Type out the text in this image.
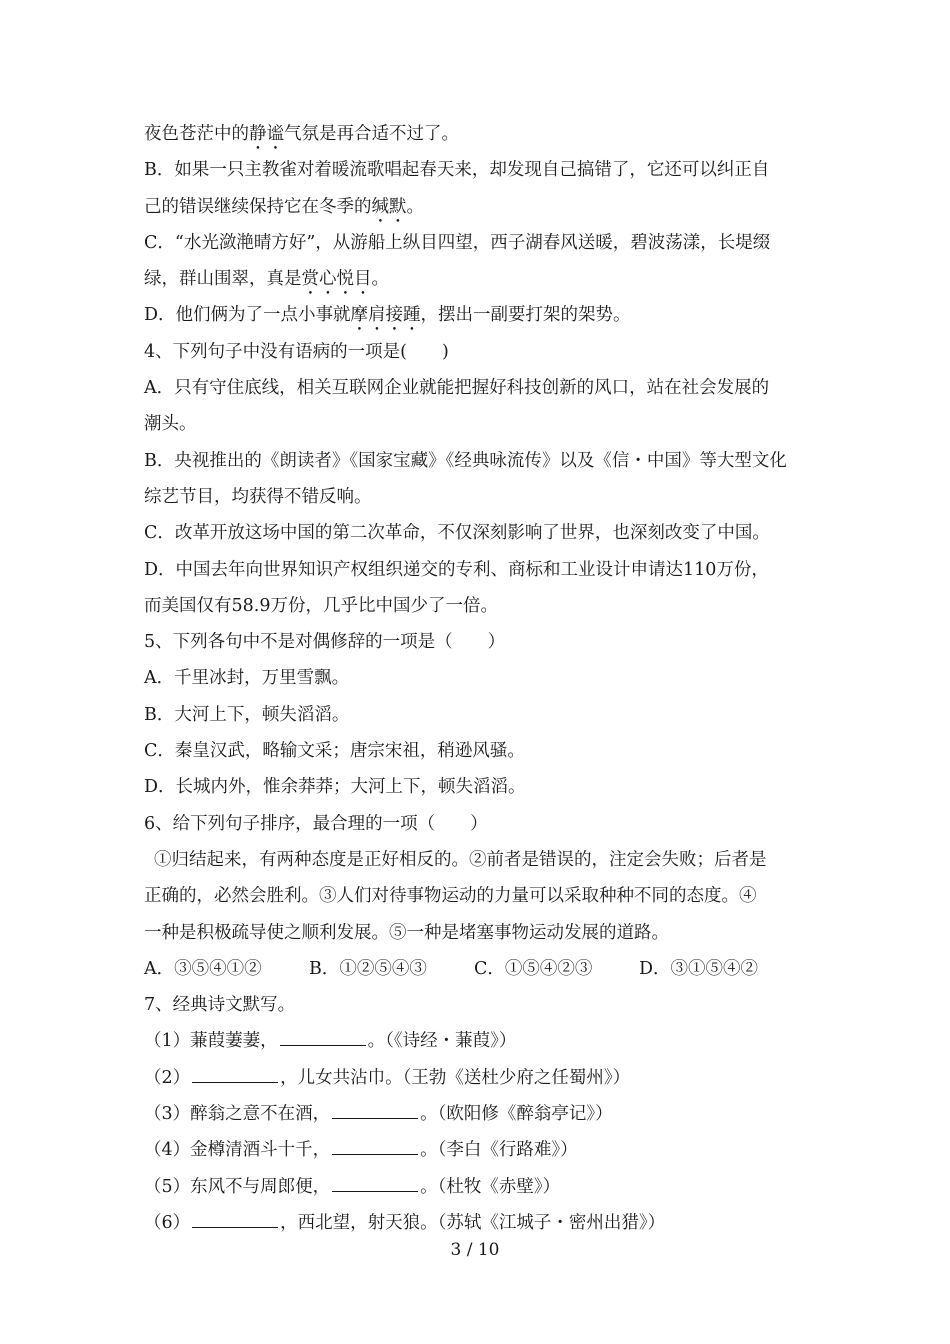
夜色苍茫中的静谧气氛是再合适不过了。
B．如果一只主教雀对着暖流歌唱起春天来，却发现自己搞错了，它还可以纠正自
己的错误继续保持它在冬季的缄默。
C．“水光潋滟晴方好”，从游船上纵目四望，西子湖春风送暖，碧波荡漾，长堤缀
绿，群山围翠，真是赏心悦目。
D．他们俩为了一点小事就摩肩接踵，摆出一副要打架的架势。
4、下列句子中没有语病的一项是(　　)
A．只有守住底线，相关互联网企业就能把握好科技创新的风口，站在社会发展的
潮头。
B．央视推出的《朗读者》《国家宝藏》《经典咏流传》以及《信・中国》等大型文化
综艺节目，均获得不错反响。
C．改革开放这场中国的第二次革命，不仅深刻影响了世界，也深刻改变了中国。
D．中国去年向世界知识产权组织递交的专利、商标和工业设计申请达110万份，
而美国仅有58.9万份，几乎比中国少了一倍。
5、下列各句中不是对偶修辞的一项是（　　）
A．千里冰封，万里雪飘。
B．大河上下，顿失滔滔。
C．秦皇汉武，略输文采；唐宗宋祖，稍逊风骚。
D．长城内外，惟余莽莽；大河上下，顿失滔滔。
6、给下列句子排序，最合理的一项（　　）
①归结起来，有两种态度是正好相反的。②前者是错误的，注定会失败；后者是
正确的，必然会胜利。③人们对待事物运动的力量可以采取种种不同的态度。④
一种是积极疏导使之顺利发展。⑤一种是堵塞事物运动发展的道路。
A．③⑤④①②	B．①②⑤④③	C．①⑤④②③	D．③①⑤④②
7、经典诗文默写。
（1）蒹葭萋萋，	。（《诗经・蒹葭》）
（2）	，儿女共沾巾。（王勃《送杜少府之任蜀州》）
（3）醉翁之意不在酒，	。（欧阳修《醉翁亭记》）
（4）金樽清酒斗十千，	。（李白《行路难》）
（5）东风不与周郎便，	。（杜牧《赤壁》）
（6）	，西北望，射天狼。（苏轼《江城子・密州出猎》）
3 / 10
